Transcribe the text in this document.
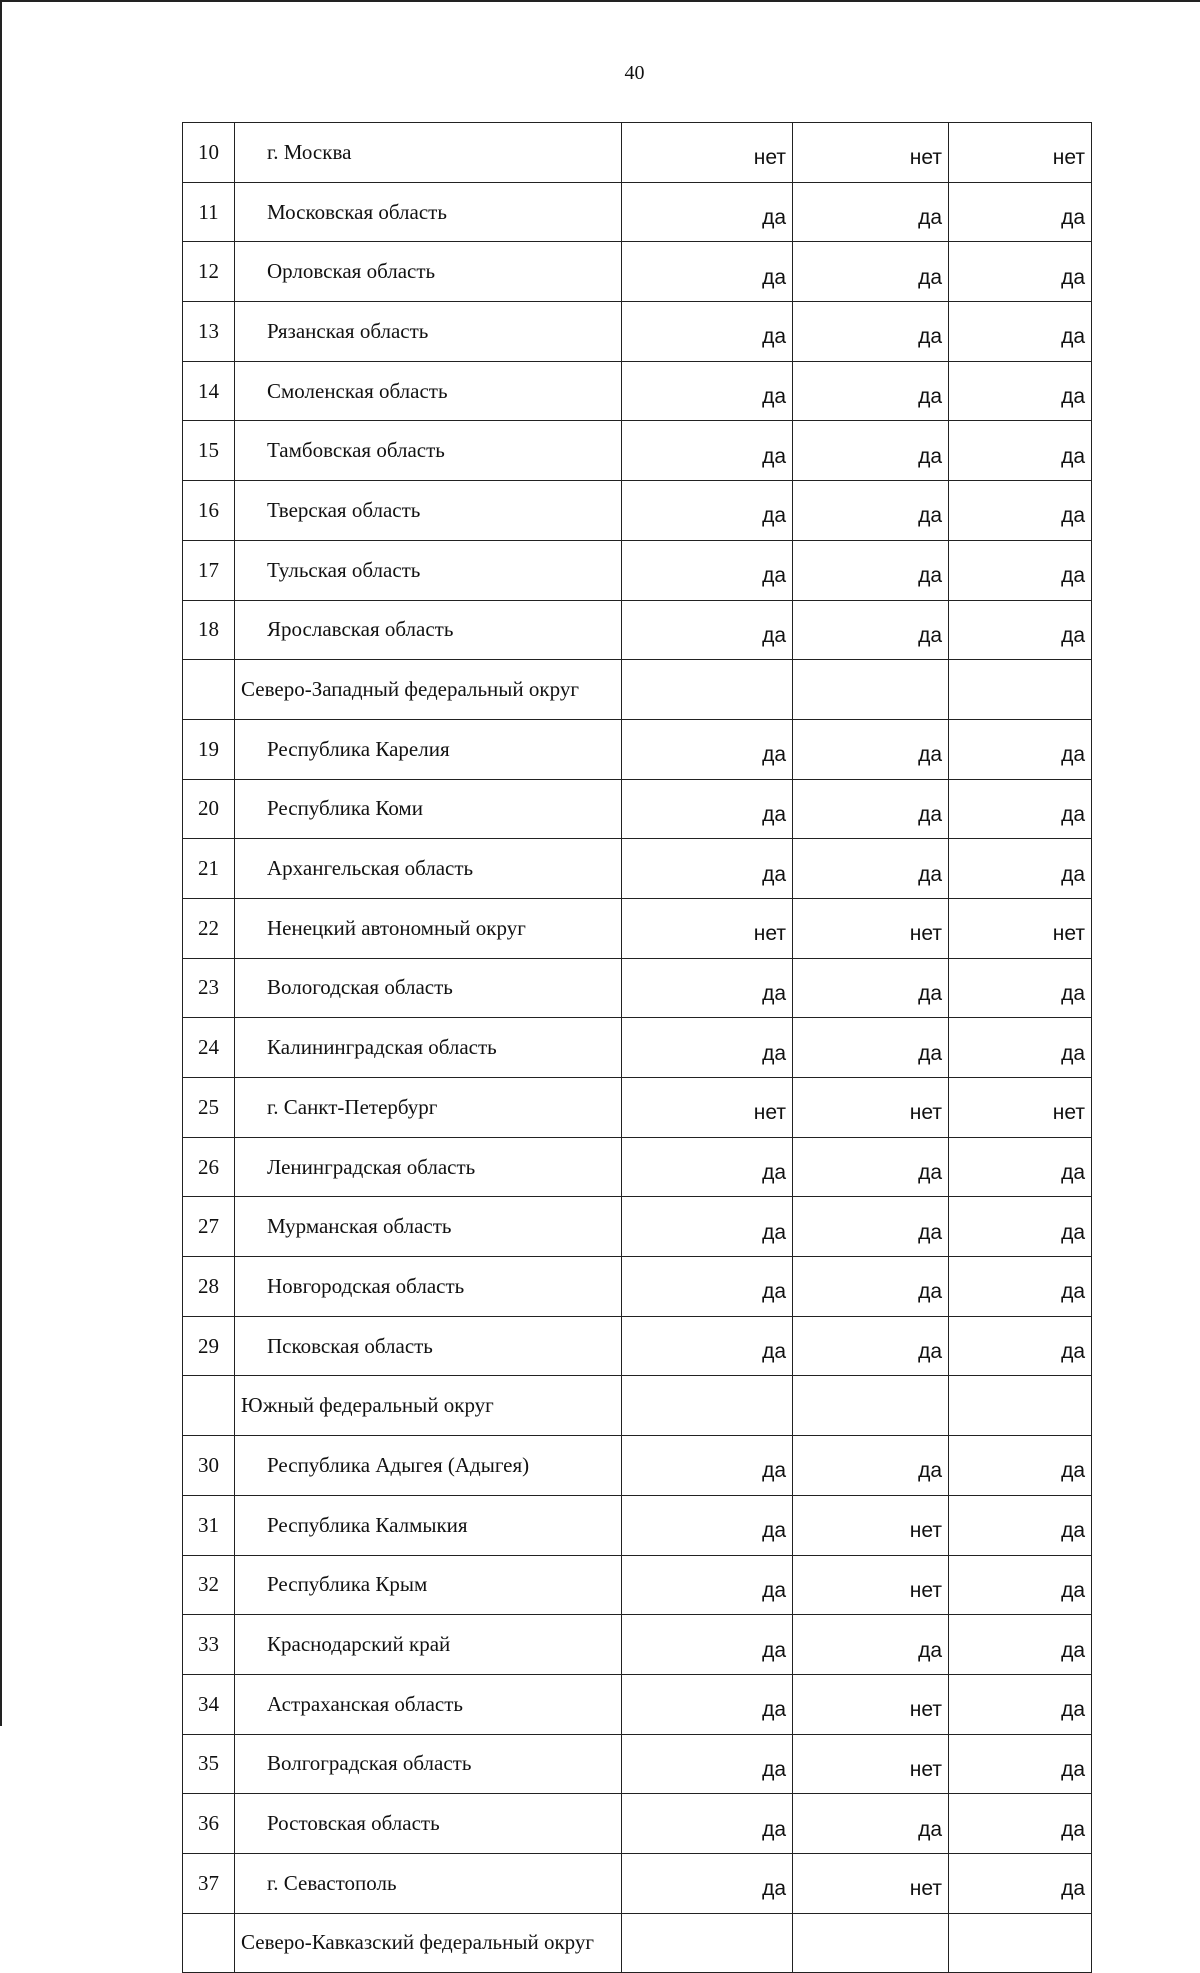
40
10	г. Москва	нет	нет	нет
11	Московская область	да	да	да
12	Орловская область	да	да	да
13	Рязанская область	да	да	да
14	Смоленская область	да	да	да
15	Тамбовская область	да	да	да
16	Тверская область	да	да	да
17	Тульская область	да	да	да
18	Ярославская область	да	да	да
	Северо-Западный федеральный округ			
19	Республика Карелия	да	да	да
20	Республика Коми	да	да	да
21	Архангельская область	да	да	да
22	Ненецкий автономный округ	нет	нет	нет
23	Вологодская область	да	да	да
24	Калининградская область	да	да	да
25	г. Санкт-Петербург	нет	нет	нет
26	Ленинградская область	да	да	да
27	Мурманская область	да	да	да
28	Новгородская область	да	да	да
29	Псковская область	да	да	да
	Южный федеральный округ			
30	Республика Адыгея (Адыгея)	да	да	да
31	Республика Калмыкия	да	нет	да
32	Республика Крым	да	нет	да
33	Краснодарский край	да	да	да
34	Астраханская область	да	нет	да
35	Волгоградская область	да	нет	да
36	Ростовская область	да	да	да
37	г. Севастополь	да	нет	да
	Северо-Кавказский федеральный округ			
